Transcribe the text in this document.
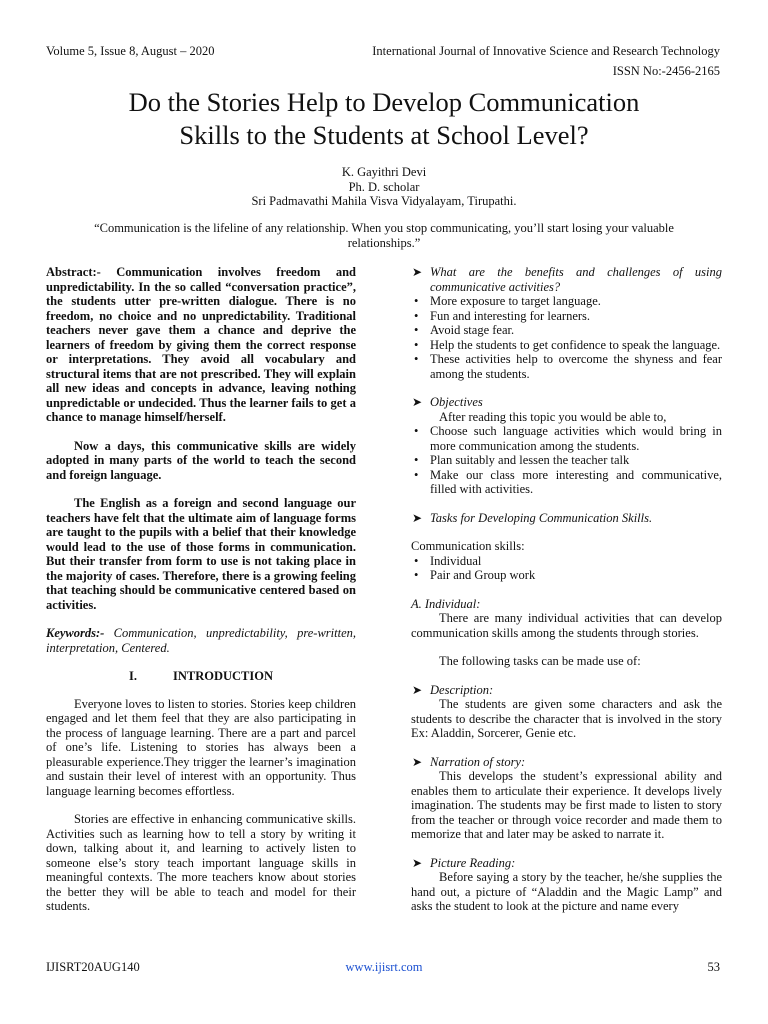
Volume 5, Issue 8, August – 2020	International Journal of Innovative Science and Research Technology
ISSN No:-2456-2165
Do the Stories Help to Develop Communication
Skills to the Students at School Level?
K. Gayithri Devi
Ph. D. scholar
Sri Padmavathi Mahila Visva Vidyalayam, Tirupathi.
“Communication is the lifeline of any relationship. When you stop communicating, you’ll start losing your valuable relationships.”

Abstract:- Communication involves freedom and unpredictability. In the so called “conversation practice”, the students utter pre-written dialogue. There is no freedom, no choice and no unpredictability. Traditional teachers never gave them a chance and deprive the learners of freedom by giving them the correct response or interpretations. They avoid all vocabulary and structural items that are not prescribed. They will explain all new ideas and concepts in advance, leaving nothing unpredictable or undecided. Thus the learner fails to get a chance to manage himself/herself.

Now a days, this communicative skills are widely adopted in many parts of the world to teach the second and foreign language.

The English as a foreign and second language our teachers have felt that the ultimate aim of language forms are taught to the pupils with a belief that their knowledge would lead to the use of those forms in communication. But their transfer from form to use is not taking place in the majority of cases. Therefore, there is a growing feeling that teaching should be communicative centered based on activities.

Keywords:- Communication, unpredictability, pre-written, interpretation, Centered.

I.	INTRODUCTION

Everyone loves to listen to stories. Stories keep children engaged and let them feel that they are also participating in the process of language learning. There are a part and parcel of one’s life. Listening to stories has always been a pleasurable experience.They trigger the learner’s imagination and sustain their level of interest with an opportunity. Thus language learning becomes effortless.

Stories are effective in enhancing communicative skills. Activities such as learning how to tell a story by writing it down, talking about it, and learning to actively listen to someone else’s story teach important language skills in meaningful contexts. The more teachers know about stories the better they will be able to teach and model for their students.

➤ What are the benefits and challenges of using communicative activities?
• More exposure to target language.
• Fun and interesting for learners.
• Avoid stage fear.
• Help the students to get confidence to speak the language.
• These activities help to overcome the shyness and fear among the students.
➤ Objectives

After reading this topic you would be able to,

• Choose such language activities which would bring in more communication among the students.
• Plan suitably and lessen the teacher talk
• Make our class more interesting and communicative, filled with activities.
➤ Tasks for Developing Communication Skills.

Communication skills:

• Individual
• Pair and Group work

A. Individual:

There are many individual activities that can develop communication skills among the students through stories.

The following tasks can be made use of:

➤ Description:

The students are given some characters and ask the students to describe the character that is involved in the story Ex: Aladdin, Sorcerer, Genie etc.

➤ Narration of story:

This develops the student’s expressional ability and enables them to articulate their experience. It develops lively imagination. The students may be first made to listen to story from the teacher or through voice recorder and made them to memorize that and later may be asked to narrate it.

➤ Picture Reading:

Before saying a story by the teacher, he/she supplies the hand out, a picture of “Aladdin and the Magic Lamp” and asks the student to look at the picture and name every

IJISRT20AUG140	www.ijisrt.com	53
